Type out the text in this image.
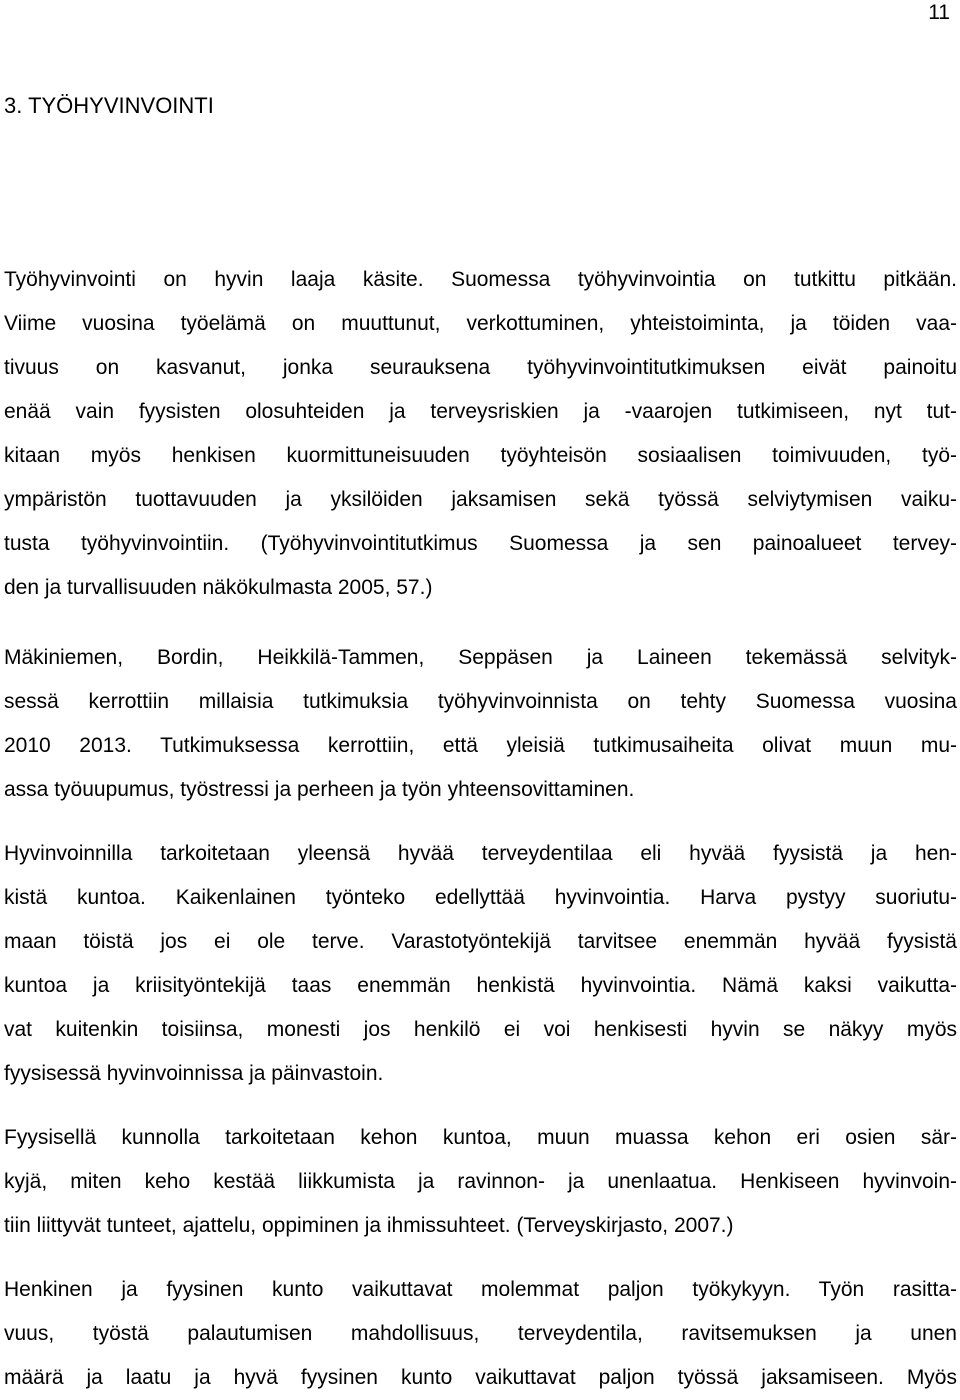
11
3. TYÖHYVINVOINTI

Työhyvinvointi on hyvin laaja käsite. Suomessa työhyvinvointia on tutkittu pitkään.
Viime vuosina työelämä on muuttunut, verkottuminen, yhteistoiminta, ja töiden vaa-
tivuus on kasvanut, jonka seurauksena työhyvinvointitutkimuksen eivät painoitu
enää vain fyysisten olosuhteiden ja terveysriskien ja -vaarojen tutkimiseen, nyt tut-
kitaan myös henkisen kuormittuneisuuden työyhteisön sosiaalisen toimivuuden, työ-
ympäristön tuottavuuden ja yksilöiden jaksamisen sekä työssä selviytymisen vaiku-
tusta työhyvinvointiin. (Työhyvinvointitutkimus Suomessa ja sen painoalueet tervey-
den ja turvallisuuden näkökulmasta 2005, 57.)

Mäkiniemen, Bordin, Heikkilä-Tammen, Seppäsen ja Laineen tekemässä selvityk-
sessä kerrottiin millaisia tutkimuksia työhyvinvoinnista on tehty Suomessa vuosina
2010 2013. Tutkimuksessa kerrottiin, että yleisiä tutkimusaiheita olivat muun mu-
assa työuupumus, työstressi ja perheen ja työn yhteensovittaminen.

Hyvinvoinnilla tarkoitetaan yleensä hyvää terveydentilaa eli hyvää fyysistä ja hen-
kistä kuntoa. Kaikenlainen työnteko edellyttää hyvinvointia. Harva pystyy suoriutu-
maan töistä jos ei ole terve. Varastotyöntekijä tarvitsee enemmän hyvää fyysistä
kuntoa ja kriisityöntekijä taas enemmän henkistä hyvinvointia. Nämä kaksi vaikutta-
vat kuitenkin toisiinsa, monesti jos henkilö ei voi henkisesti hyvin se näkyy myös
fyysisessä hyvinvoinnissa ja päinvastoin.

Fyysisellä kunnolla tarkoitetaan kehon kuntoa, muun muassa kehon eri osien sär-
kyjä, miten keho kestää liikkumista ja ravinnon- ja unenlaatua. Henkiseen hyvinvoin-
tiin liittyvät tunteet, ajattelu, oppiminen ja ihmissuhteet. (Terveyskirjasto, 2007.)

Henkinen ja fyysinen kunto vaikuttavat molemmat paljon työkykyyn. Työn rasitta-
vuus, työstä palautumisen mahdollisuus, terveydentila, ravitsemuksen ja unen
määrä ja laatu ja hyvä fyysinen kunto vaikuttavat paljon työssä jaksamiseen. Myös
